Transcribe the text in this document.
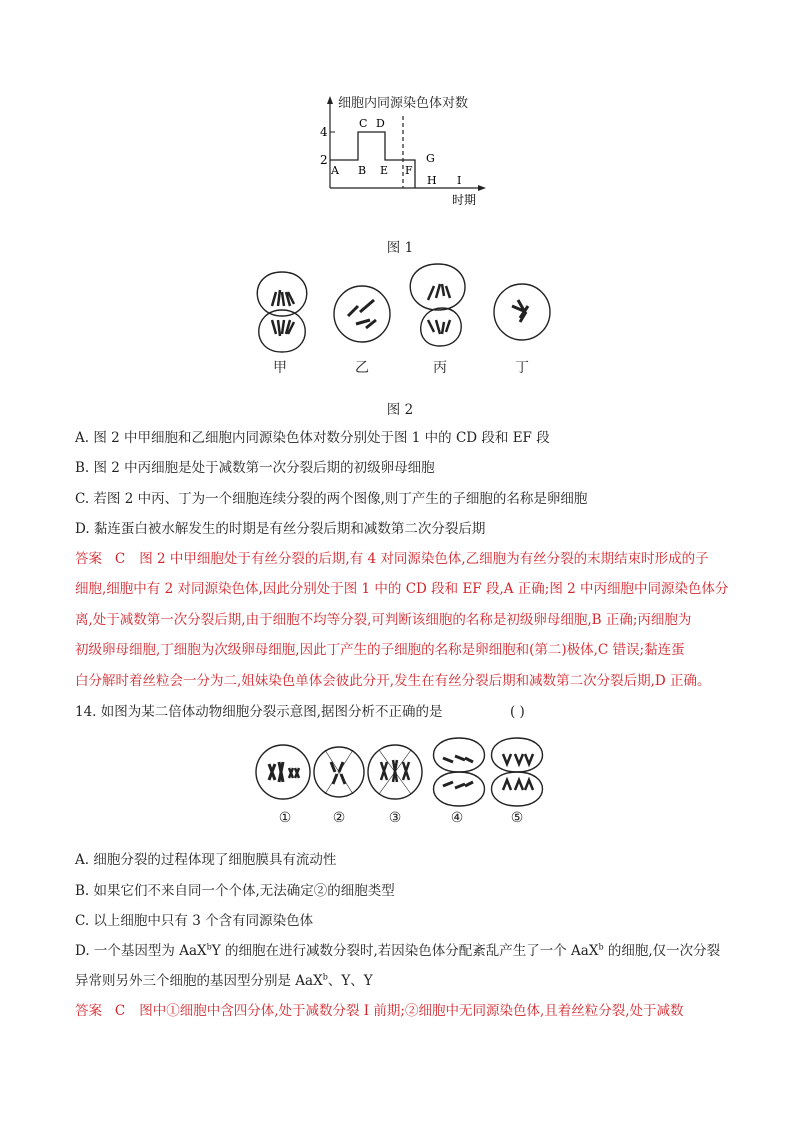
4
2
A B
C D
E F
G
H I
时期
细胞内同源染色体对数
图 1
甲	乙	丙	丁
图 2
A. 图 2 中甲细胞和乙细胞内同源染色体对数分别处于图 1 中的 CD 段和 EF 段
B. 图 2 中丙细胞是处于减数第一次分裂后期的初级卵母细胞
C. 若图 2 中丙、丁为一个细胞连续分裂的两个图像,则丁产生的子细胞的名称是卵细胞
D. 黏连蛋白被水解发生的时期是有丝分裂后期和减数第二次分裂后期
答案 C 图 2 中甲细胞处于有丝分裂的后期,有 4 对同源染色体,乙细胞为有丝分裂的末期结束时形成的子
细胞,细胞中有 2 对同源染色体,因此分别处于图 1 中的 CD 段和 EF 段,A 正确;图 2 中丙细胞中同源染色体分
离,处于减数第一次分裂后期,由于细胞不均等分裂,可判断该细胞的名称是初级卵母细胞,B 正确;丙细胞为
初级卵母细胞,丁细胞为次级卵母细胞,因此丁产生的子细胞的名称是卵细胞和(第二)极体,C 错误;黏连蛋
白分解时着丝粒会一分为二,姐妹染色单体会彼此分开,发生在有丝分裂后期和减数第二次分裂后期,D 正确。
14. 如图为某二倍体动物细胞分裂示意图,据图分析不正确的是	( )
①	②	③	④	⑤
A. 细胞分裂的过程体现了细胞膜具有流动性
B. 如果它们不来自同一个个体,无法确定②的细胞类型
C. 以上细胞中只有 3 个含有同源染色体
D. 一个基因型为 AaX$^b$Y 的细胞在进行减数分裂时,若因染色体分配紊乱产生了一个 AaX$^b$ 的细胞,仅一次分裂
异常则另外三个细胞的基因型分别是 AaX$^b$、Y、Y
答案 C 图中①细胞中含四分体,处于减数分裂 Ⅰ 前期;②细胞中无同源染色体,且着丝粒分裂,处于减数
